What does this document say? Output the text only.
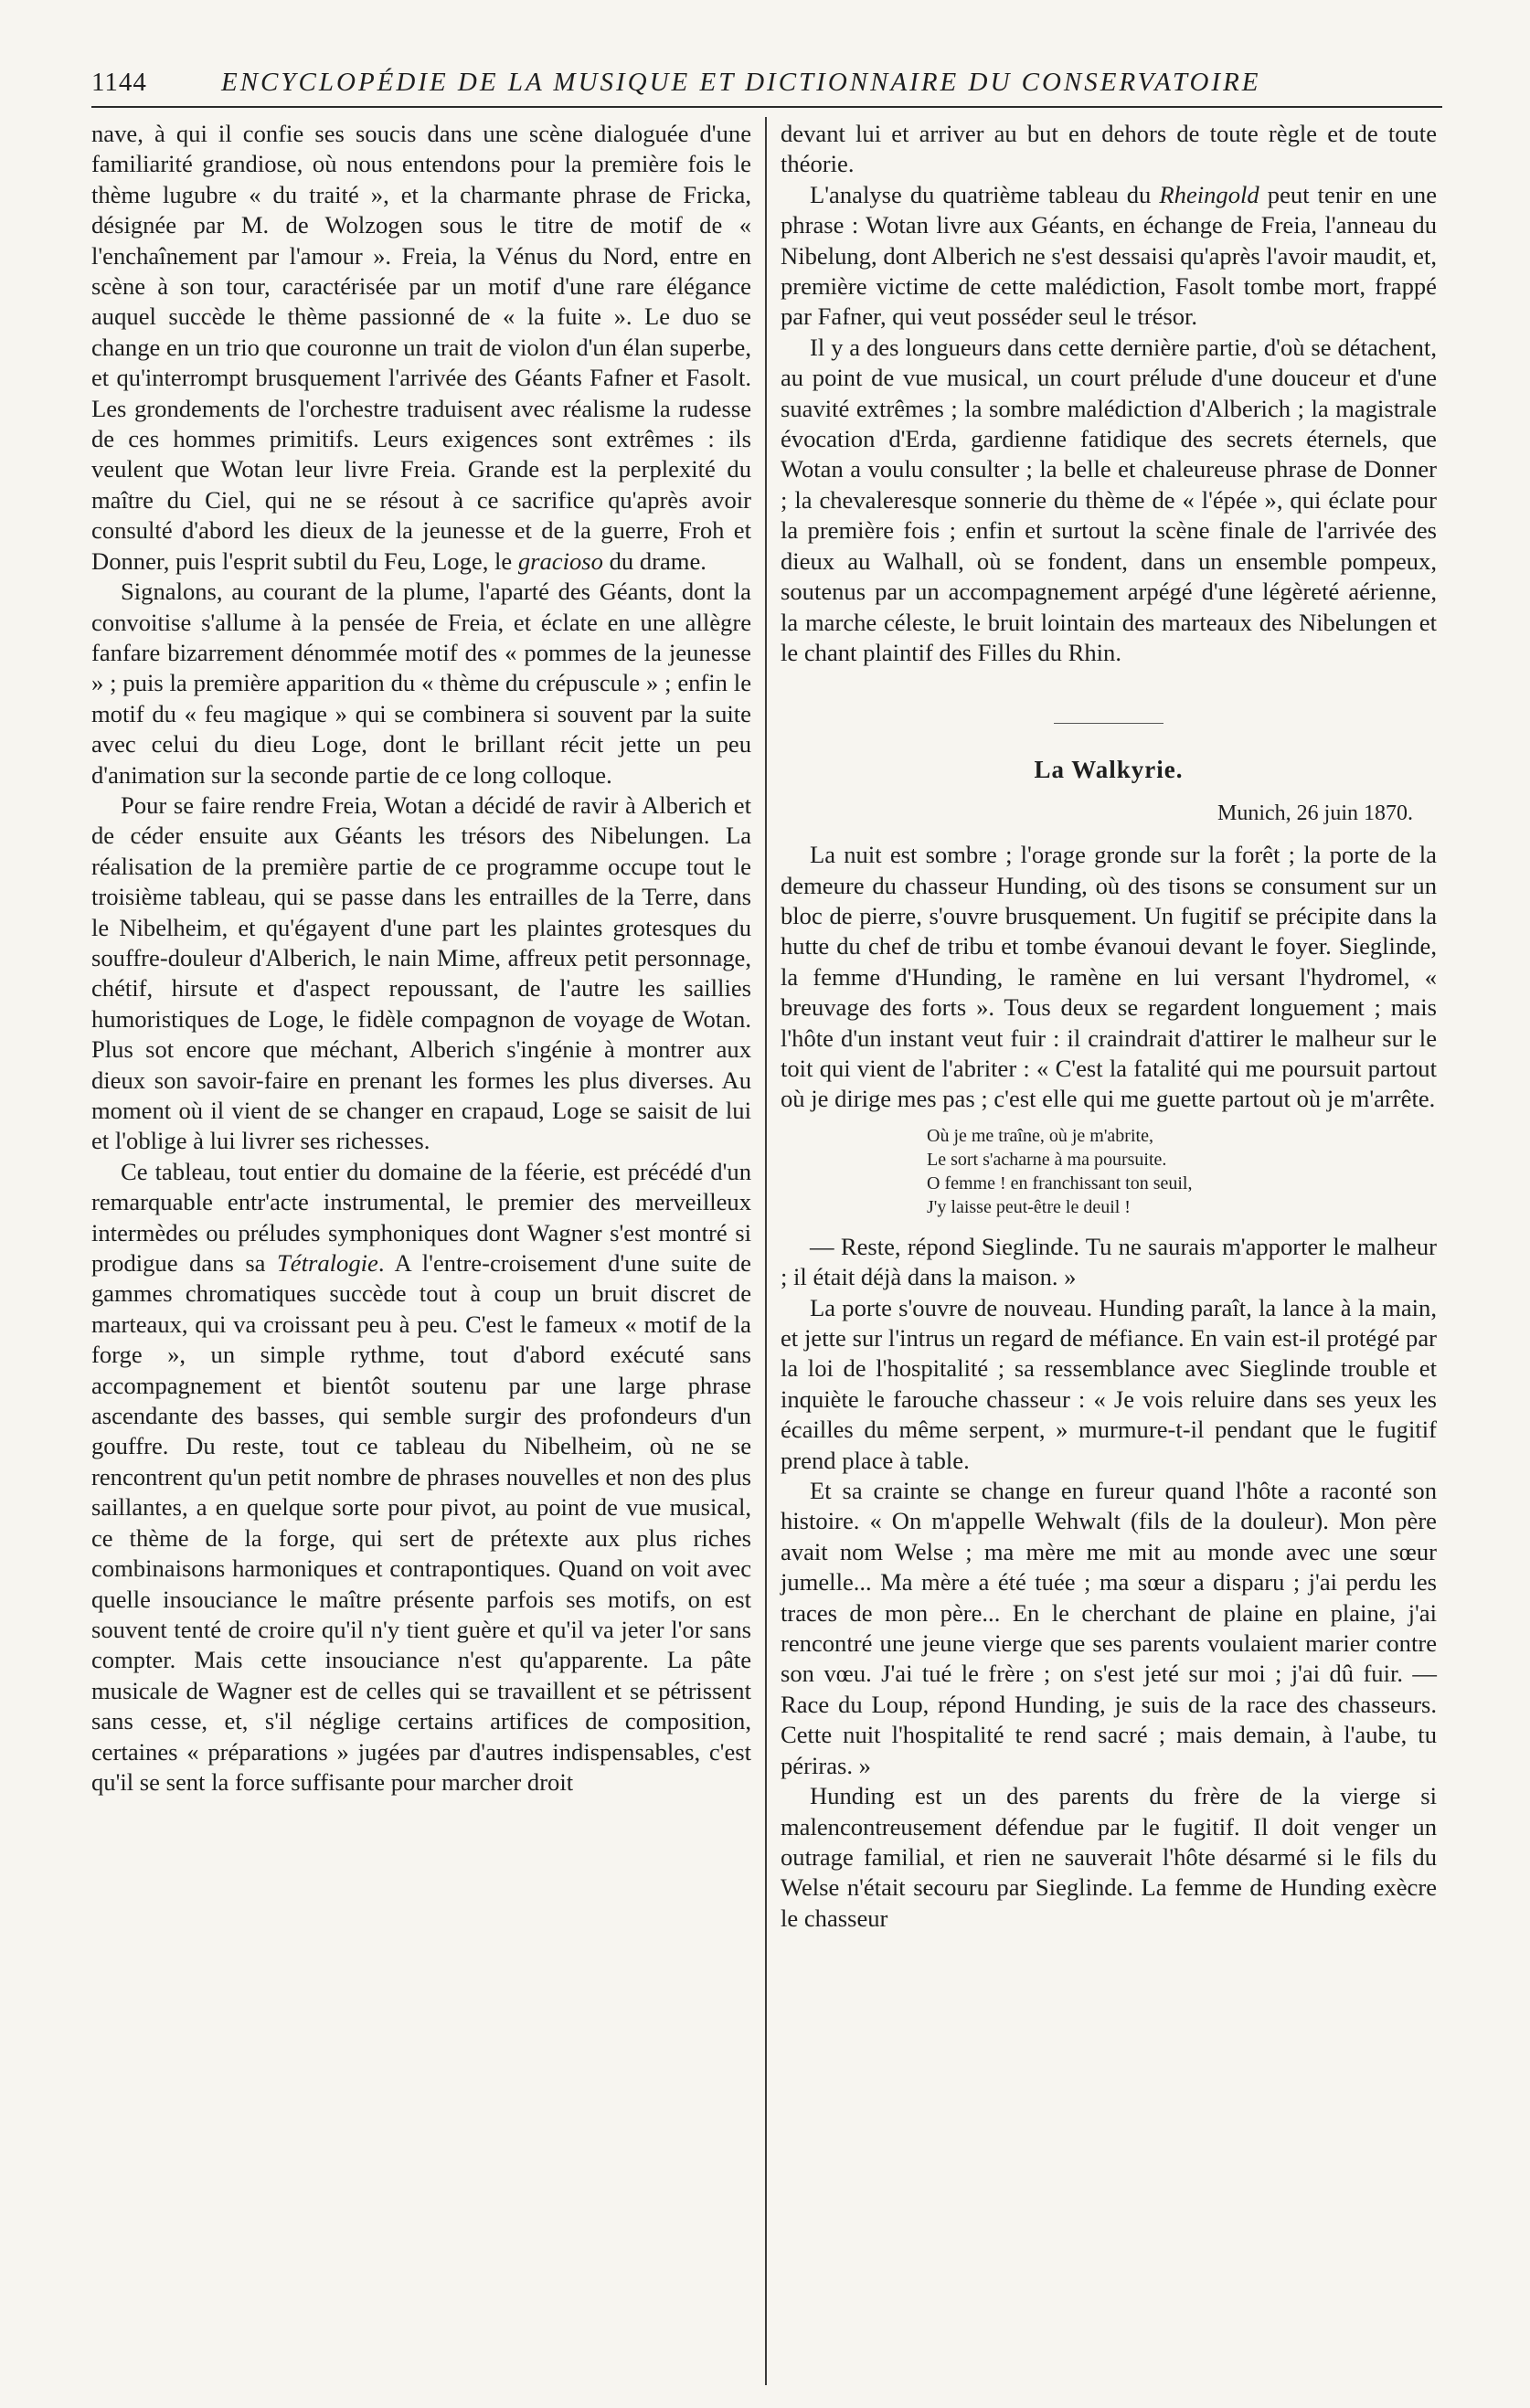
1144	ENCYCLOPÉDIE DE LA MUSIQUE ET DICTIONNAIRE DU CONSERVATOIRE

nave, à qui il confie ses soucis dans une scène dialoguée d'une familiarité grandiose, où nous entendons pour la première fois le thème lugubre « du traité », et la charmante phrase de Fricka, désignée par M. de Wolzogen sous le titre de motif de « l'enchaînement par l'amour ». Freia, la Vénus du Nord, entre en scène à son tour, caractérisée par un motif d'une rare élégance auquel succède le thème passionné de « la fuite ». Le duo se change en un trio que couronne un trait de violon d'un élan superbe, et qu'interrompt brusquement l'arrivée des Géants Fafner et Fasolt. Les grondements de l'orchestre traduisent avec réalisme la rudesse de ces hommes primitifs. Leurs exigences sont extrêmes : ils veulent que Wotan leur livre Freia. Grande est la perplexité du maître du Ciel, qui ne se résout à ce sacrifice qu'après avoir consulté d'abord les dieux de la jeunesse et de la guerre, Froh et Donner, puis l'esprit subtil du Feu, Loge, le gracioso du drame.

Signalons, au courant de la plume, l'aparté des Géants, dont la convoitise s'allume à la pensée de Freia, et éclate en une allègre fanfare bizarrement dénommée motif des « pommes de la jeunesse » ; puis la première apparition du « thème du crépuscule » ; enfin le motif du « feu magique » qui se combinera si souvent par la suite avec celui du dieu Loge, dont le brillant récit jette un peu d'animation sur la seconde partie de ce long colloque.

Pour se faire rendre Freia, Wotan a décidé de ravir à Alberich et de céder ensuite aux Géants les trésors des Nibelungen. La réalisation de la première partie de ce programme occupe tout le troisième tableau, qui se passe dans les entrailles de la Terre, dans le Nibelheim, et qu'égayent d'une part les plaintes grotesques du souffre-douleur d'Alberich, le nain Mime, affreux petit personnage, chétif, hirsute et d'aspect repoussant, de l'autre les saillies humoristiques de Loge, le fidèle compagnon de voyage de Wotan. Plus sot encore que méchant, Alberich s'ingénie à montrer aux dieux son savoir-faire en prenant les formes les plus diverses. Au moment où il vient de se changer en crapaud, Loge se saisit de lui et l'oblige à lui livrer ses richesses.

Ce tableau, tout entier du domaine de la féerie, est précédé d'un remarquable entr'acte instrumental, le premier des merveilleux intermèdes ou préludes symphoniques dont Wagner s'est montré si prodigue dans sa Tétralogie. A l'entre-croisement d'une suite de gammes chromatiques succède tout à coup un bruit discret de marteaux, qui va croissant peu à peu. C'est le fameux « motif de la forge », un simple rythme, tout d'abord exécuté sans accompagnement et bientôt soutenu par une large phrase ascendante des basses, qui semble surgir des profondeurs d'un gouffre. Du reste, tout ce tableau du Nibelheim, où ne se rencontrent qu'un petit nombre de phrases nouvelles et non des plus saillantes, a en quelque sorte pour pivot, au point de vue musical, ce thème de la forge, qui sert de prétexte aux plus riches combinaisons harmoniques et contrapontiques. Quand on voit avec quelle insouciance le maître présente parfois ses motifs, on est souvent tenté de croire qu'il n'y tient guère et qu'il va jeter l'or sans compter. Mais cette insouciance n'est qu'apparente. La pâte musicale de Wagner est de celles qui se travaillent et se pétrissent sans cesse, et, s'il néglige certains artifices de composition, certaines « préparations » jugées par d'autres indispensables, c'est qu'il se sent la force suffisante pour marcher droit

devant lui et arriver au but en dehors de toute règle et de toute théorie.

L'analyse du quatrième tableau du Rheingold peut tenir en une phrase : Wotan livre aux Géants, en échange de Freia, l'anneau du Nibelung, dont Alberich ne s'est dessaisi qu'après l'avoir maudit, et, première victime de cette malédiction, Fasolt tombe mort, frappé par Fafner, qui veut posséder seul le trésor.

Il y a des longueurs dans cette dernière partie, d'où se détachent, au point de vue musical, un court prélude d'une douceur et d'une suavité extrêmes ; la sombre malédiction d'Alberich ; la magistrale évocation d'Erda, gardienne fatidique des secrets éternels, que Wotan a voulu consulter ; la belle et chaleureuse phrase de Donner ; la chevaleresque sonnerie du thème de « l'épée », qui éclate pour la première fois ; enfin et surtout la scène finale de l'arrivée des dieux au Walhall, où se fondent, dans un ensemble pompeux, soutenus par un accompagnement arpégé d'une légèreté aérienne, la marche céleste, le bruit lointain des marteaux des Nibelungen et le chant plaintif des Filles du Rhin.

La Walkyrie.
Munich, 26 juin 1870.

La nuit est sombre ; l'orage gronde sur la forêt ; la porte de la demeure du chasseur Hunding, où des tisons se consument sur un bloc de pierre, s'ouvre brusquement. Un fugitif se précipite dans la hutte du chef de tribu et tombe évanoui devant le foyer. Sieglinde, la femme d'Hunding, le ramène en lui versant l'hydromel, « breuvage des forts ». Tous deux se regardent longuement ; mais l'hôte d'un instant veut fuir : il craindrait d'attirer le malheur sur le toit qui vient de l'abriter : « C'est la fatalité qui me poursuit partout où je dirige mes pas ; c'est elle qui me guette partout où je m'arrête.

Où je me traîne, où je m'abrite,
Le sort s'acharne à ma poursuite.
O femme ! en franchissant ton seuil,
J'y laisse peut-être le deuil !

— Reste, répond Sieglinde. Tu ne saurais m'apporter le malheur ; il était déjà dans la maison. »

La porte s'ouvre de nouveau. Hunding paraît, la lance à la main, et jette sur l'intrus un regard de méfiance. En vain est-il protégé par la loi de l'hospitalité ; sa ressemblance avec Sieglinde trouble et inquiète le farouche chasseur : « Je vois reluire dans ses yeux les écailles du même serpent, » murmure-t-il pendant que le fugitif prend place à table.

Et sa crainte se change en fureur quand l'hôte a raconté son histoire. « On m'appelle Wehwalt (fils de la douleur). Mon père avait nom Welse ; ma mère me mit au monde avec une sœur jumelle... Ma mère a été tuée ; ma sœur a disparu ; j'ai perdu les traces de mon père... En le cherchant de plaine en plaine, j'ai rencontré une jeune vierge que ses parents voulaient marier contre son vœu. J'ai tué le frère ; on s'est jeté sur moi ; j'ai dû fuir. — Race du Loup, répond Hunding, je suis de la race des chasseurs. Cette nuit l'hospitalité te rend sacré ; mais demain, à l'aube, tu périras. »

Hunding est un des parents du frère de la vierge si malencontreusement défendue par le fugitif. Il doit venger un outrage familial, et rien ne sauverait l'hôte désarmé si le fils du Welse n'était secouru par Sieglinde. La femme de Hunding exècre le chasseur
